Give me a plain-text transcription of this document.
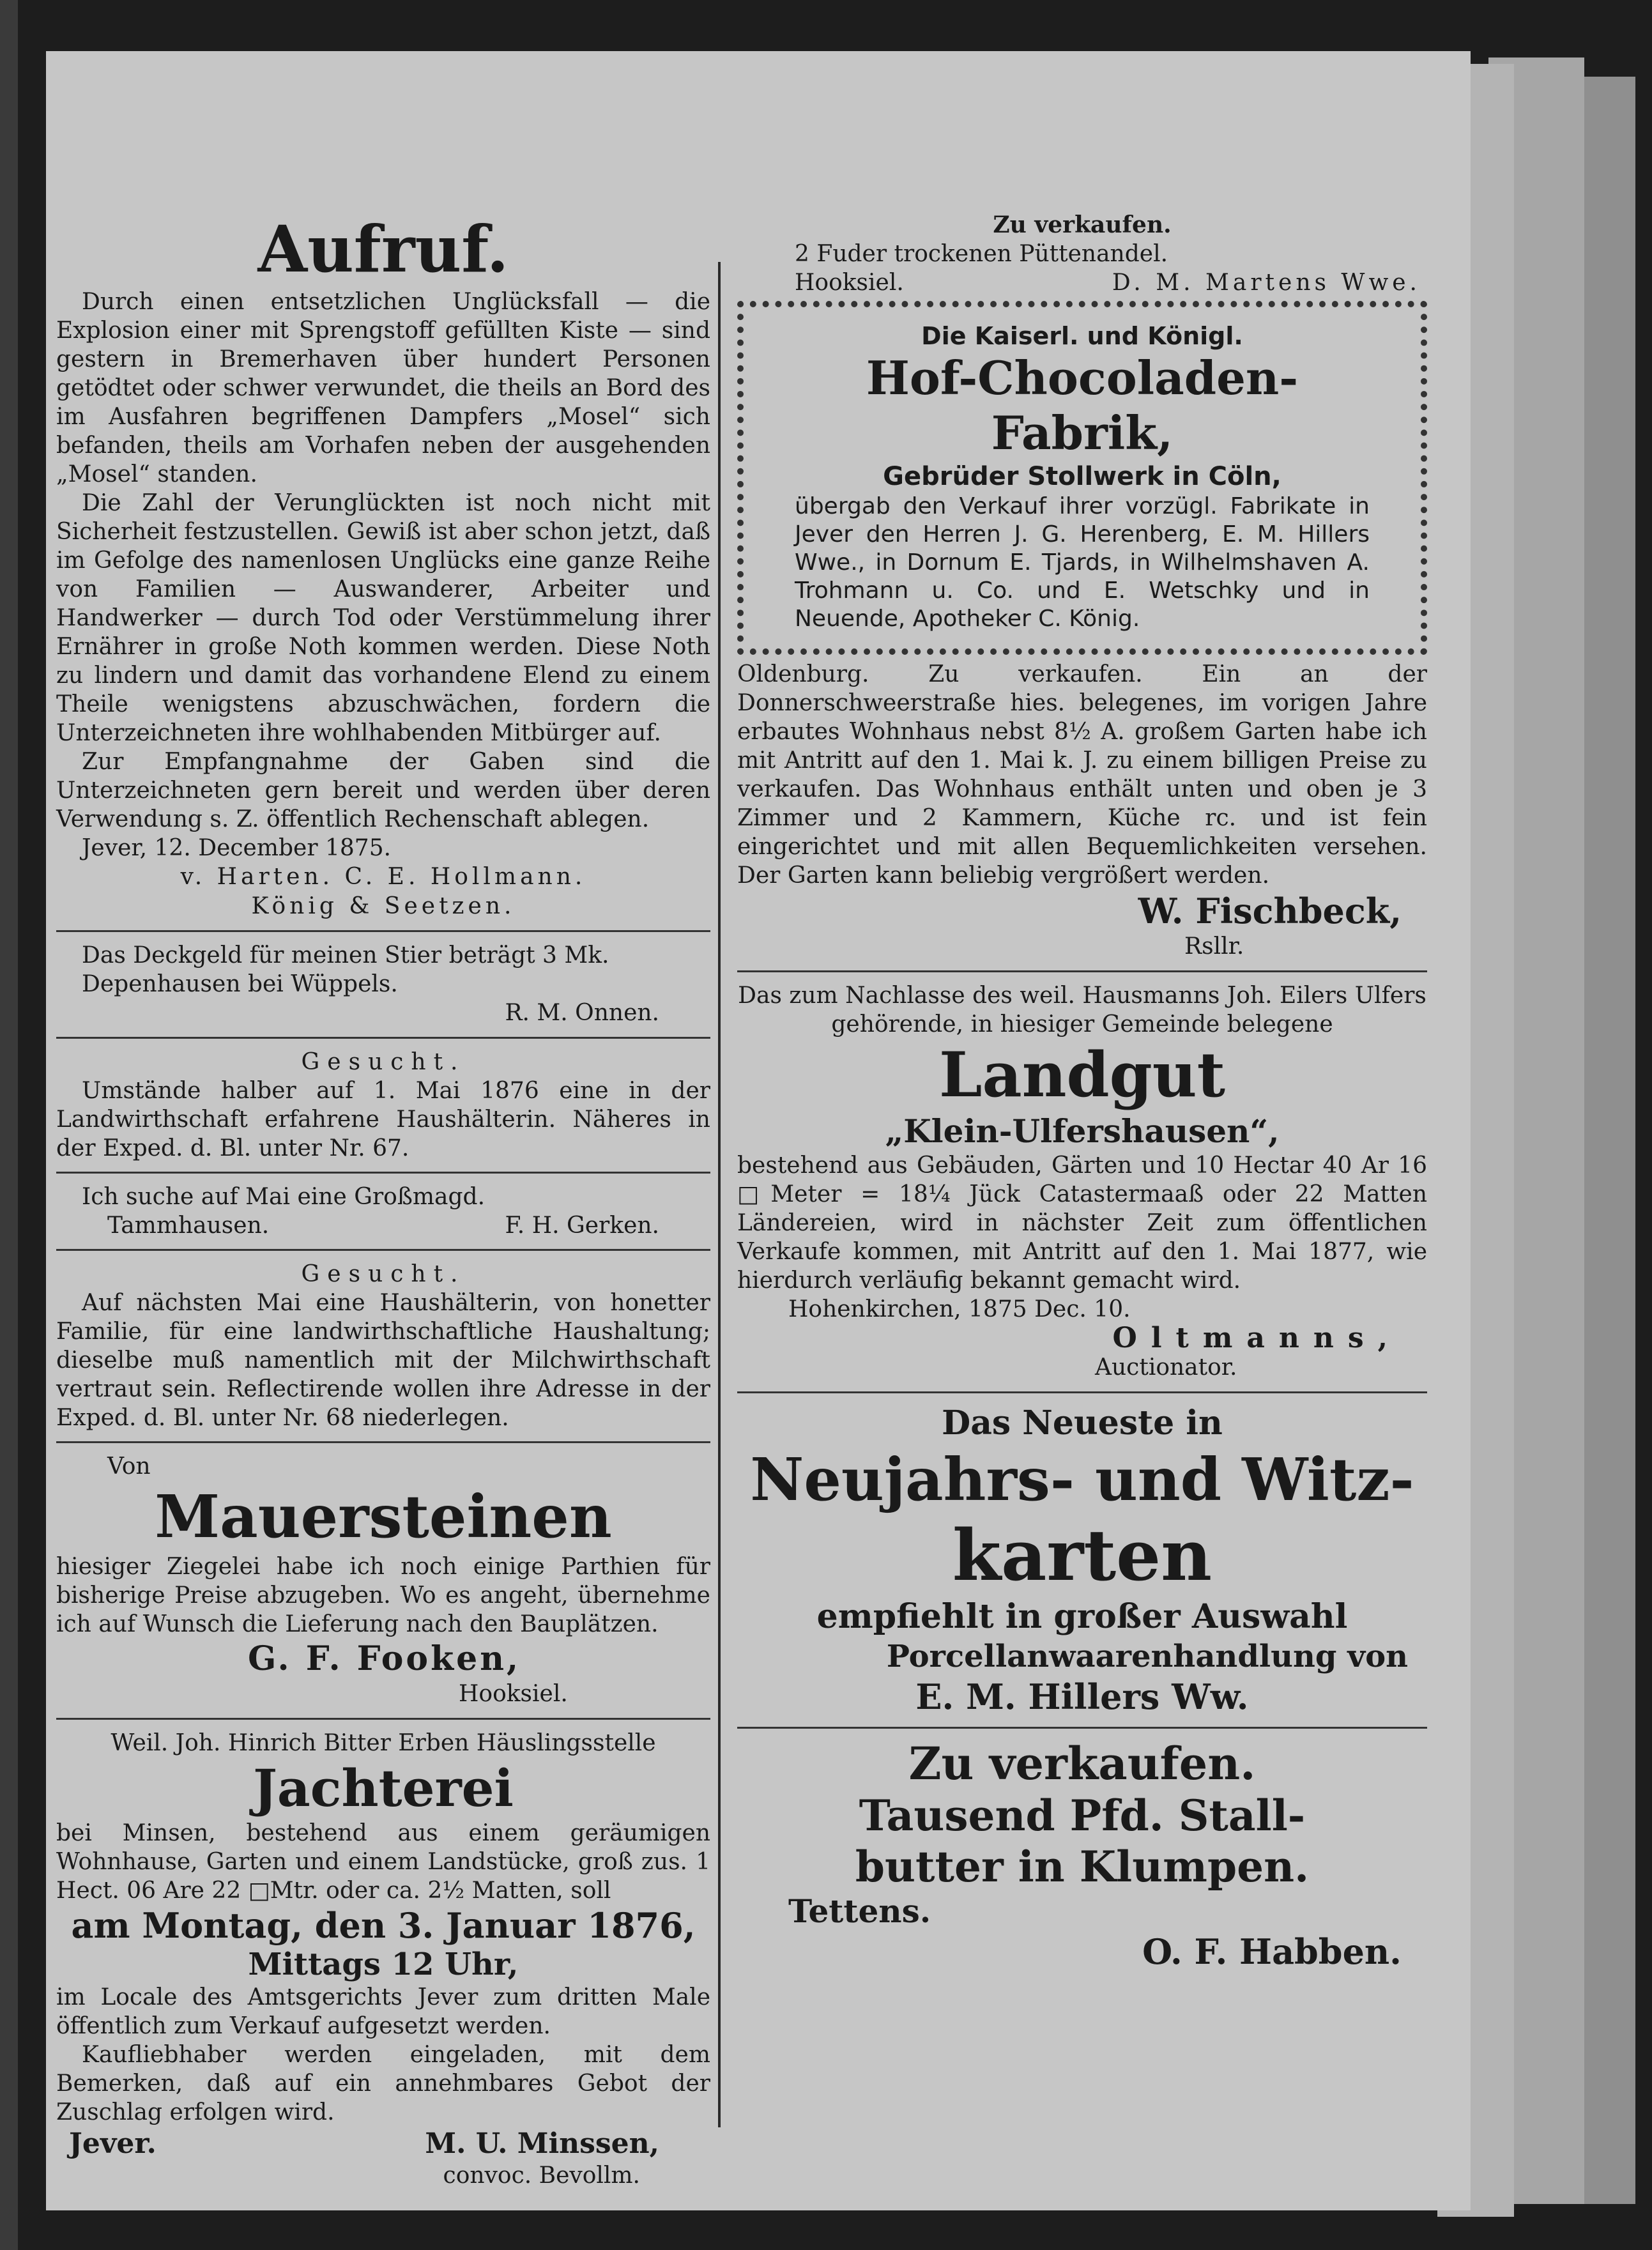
Aufruf.

Durch einen entsetzlichen Unglücksfall — die Explosion einer mit Sprengstoff gefüllten Kiste — sind gestern in Bremerhaven über hundert Personen getödtet oder schwer verwundet, die theils an Bord des im Ausfahren begriffenen Dampfers „Mosel“ sich befanden, theils am Vorhafen neben der ausgehenden „Mosel“ standen.

Die Zahl der Verunglückten ist noch nicht mit Sicherheit festzustellen. Gewiß ist aber schon jetzt, daß im Gefolge des namenlosen Unglücks eine ganze Reihe von Familien — Auswanderer, Arbeiter und Handwerker — durch Tod oder Verstümmelung ihrer Ernährer in große Noth kommen werden. Diese Noth zu lindern und damit das vorhandene Elend zu einem Theile wenigstens abzuschwächen, fordern die Unterzeichneten ihre wohlhabenden Mitbürger auf.

Zur Empfangnahme der Gaben sind die Unterzeichneten gern bereit und werden über deren Verwendung s. Z. öffentlich Rechenschaft ablegen.

Jever, 12. December 1875.

v. Harten. C. E. Hollmann.

König & Seetzen.

Das Deckgeld für meinen Stier beträgt 3 Mk.

Depenhausen bei Wüppels.

R. M. Onnen.

Gesucht.

Umstände halber auf 1. Mai 1876 eine in der Landwirthschaft erfahrene Haushälterin. Näheres in der Exped. d. Bl. unter Nr. 67.

Ich suche auf Mai eine Großmagd.

Tammhausen.	F. H. Gerken.

Gesucht.

Auf nächsten Mai eine Haushälterin, von honetter Familie, für eine landwirthschaftliche Haushaltung; dieselbe muß namentlich mit der Milchwirthschaft vertraut sein. Reflectirende wollen ihre Adresse in der Exped. d. Bl. unter Nr. 68 niederlegen.

Von

Mauersteinen

hiesiger Ziegelei habe ich noch einige Parthien für bisherige Preise abzugeben. Wo es angeht, übernehme ich auf Wunsch die Lieferung nach den Bauplätzen.

G. F. Fooken,

Hooksiel.

Weil. Joh. Hinrich Bitter Erben Häuslingsstelle

Jachterei

bei Minsen, bestehend aus einem geräumigen Wohnhause, Garten und einem Landstücke, groß zus. 1 Hect. 06 Are 22 □Mtr. oder ca. 2½ Matten, soll

am Montag, den 3. Januar 1876,

Mittags 12 Uhr,

im Locale des Amtsgerichts Jever zum dritten Male öffentlich zum Verkauf aufgesetzt werden.

Kaufliebhaber werden eingeladen, mit dem Bemerken, daß auf ein annehmbares Gebot der Zuschlag erfolgen wird.

Jever.	M. U. Minssen,

convoc. Bevollm.

Zu verkaufen.

2 Fuder trockenen Püttenandel.

Hooksiel.	D. M. Martens Wwe.

Die Kaiserl. und Königl.

Hof-Chocoladen-Fabrik,

Gebrüder Stollwerk in Cöln,

übergab den Verkauf ihrer vorzügl. Fabrikate in Jever den Herren J. G. Herenberg, E. M. Hillers Wwe., in Dornum E. Tjards, in Wilhelmshaven A. Trohmann u. Co. und E. Wetschky und in Neuende, Apotheker C. König.

Oldenburg. Zu verkaufen. Ein an der Donnerschweerstraße hies. belegenes, im vorigen Jahre erbautes Wohnhaus nebst 8½ A. großem Garten habe ich mit Antritt auf den 1. Mai k. J. zu einem billigen Preise zu verkaufen. Das Wohnhaus enthält unten und oben je 3 Zimmer und 2 Kammern, Küche rc. und ist fein eingerichtet und mit allen Bequemlichkeiten versehen. Der Garten kann beliebig vergrößert werden.

W. Fischbeck,

Rsllr.

Das zum Nachlasse des weil. Hausmanns Joh. Eilers Ulfers gehörende, in hiesiger Gemeinde belegene

Landgut

„Klein-Ulfershausen“,

bestehend aus Gebäuden, Gärten und 10 Hectar 40 Ar 16 □Meter = 18¼ Jück Catastermaaß oder 22 Matten Ländereien, wird in nächster Zeit zum öffentlichen Verkaufe kommen, mit Antritt auf den 1. Mai 1877, wie hierdurch verläufig bekannt gemacht wird.

Hohenkirchen, 1875 Dec. 10.

Oltmanns,

Auctionator.

Das Neueste in

Neujahrs- und Witz-

karten

empfiehlt in großer Auswahl

Porcellanwaarenhandlung von

E. M. Hillers Ww.

Zu verkaufen.

Tausend Pfd. Stall-

butter in Klumpen.

Tettens.

O. F. Habben.
